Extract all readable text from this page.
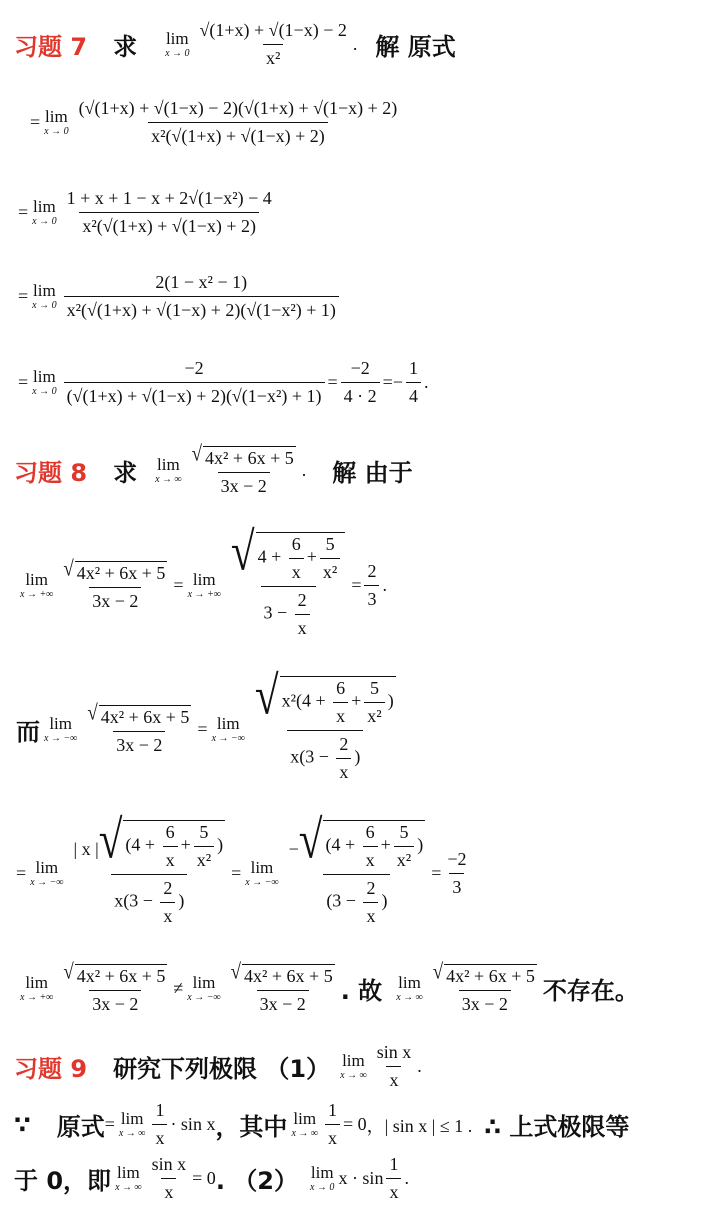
习题 7 求 lim
$x \to 0 \frac{√(1+x) + √(1-x) - 2}{\text{x²}}$ . 解 原式
= lim
$x \to 0 \frac{(√(1+x) + √(1-x) - 2)(√(1+x) + √(1-x) + 2)}{\text{x²(√(1+x) + √(1−x) + 2)}}$
= lim
$x \to 0 \frac{\text{1 + x + 1 − x + 2√(1−x²) − 4}}{\text{x²(√(1+x) + √(1−x) + 2)}}$
= lim
$x \to 0 \frac{\text{2(1 − x² − 1)}}{\text{x²(√(1+x) + √(1−x) + 2)(√(1−x²) + 1)}}$
= lim
$x \to 0 \frac{-2}{\text{(√(1+x) + √(1−x) + 2)(√(1−x²) + 1)}} = \frac{-2}{4 \cdot 2}$ = − $\frac{1}{4}$ .
习题 8 求 lim
x → ∞ $\frac{\text{√ 4x² + 6x + 5}}{3x - 2}$ . 解 由于
lim
x → +∞ $\frac{\text{√ 4x² + 6x + 5}}{3x - 2} = \lim$
x → +∞ $\frac{√ 4 + \frac{6}{x} + \frac{5}{\text{x²}}}{3 - \frac{2}{x}} = \frac{2}{3}$ .
而 lim
x → −∞ $\frac{\text{√ 4x² + 6x + 5}}{3x - 2} = \lim$
x → −∞ $\frac{√ x^2(4 + \frac{6}{x} + \frac{5}{\text{x²}} )}{x(3 - \frac{2}{x} )}$
= lim
x → −∞ $\frac{| x | √ (4 + \frac{6}{x} + \frac{5}{\text{x²}} )}{x(3 - \frac{2}{x} )} = \lim$
x → −∞ $\frac{- √ (4 + \frac{6}{x} + \frac{5}{\text{x²}} )}{(3 - \frac{2}{x} )} = \frac{-2}{3}$
lim
x → +∞ $\frac{\text{√ 4x² + 6x + 5}}{3x - 2} \ne \lim$
x → −∞ $\frac{\text{√ 4x² + 6x + 5}}{3x - 2}$ . 故 lim
x → ∞ $\frac{\text{√ 4x² + 6x + 5}}{3x - 2}$ 不存在。
习题 9 研究下列极限 （1） lim
x → ∞ $\frac{\text{sin x}}{x}$ .
∵ 原式 = lim
x → ∞ $\frac{1}{x} \cdot \sin x$ ，其中 lim
x → ∞ $\frac{1}{x} = 0$ ，| sin x | ≤ 1 . ∴ 上式极限等
于 0，即 lim
x → ∞ $\frac{\text{sin x}}{x} = 0$ . （2） lim
x → 0 $x \cdot \sin \frac{1}{x}$ .
